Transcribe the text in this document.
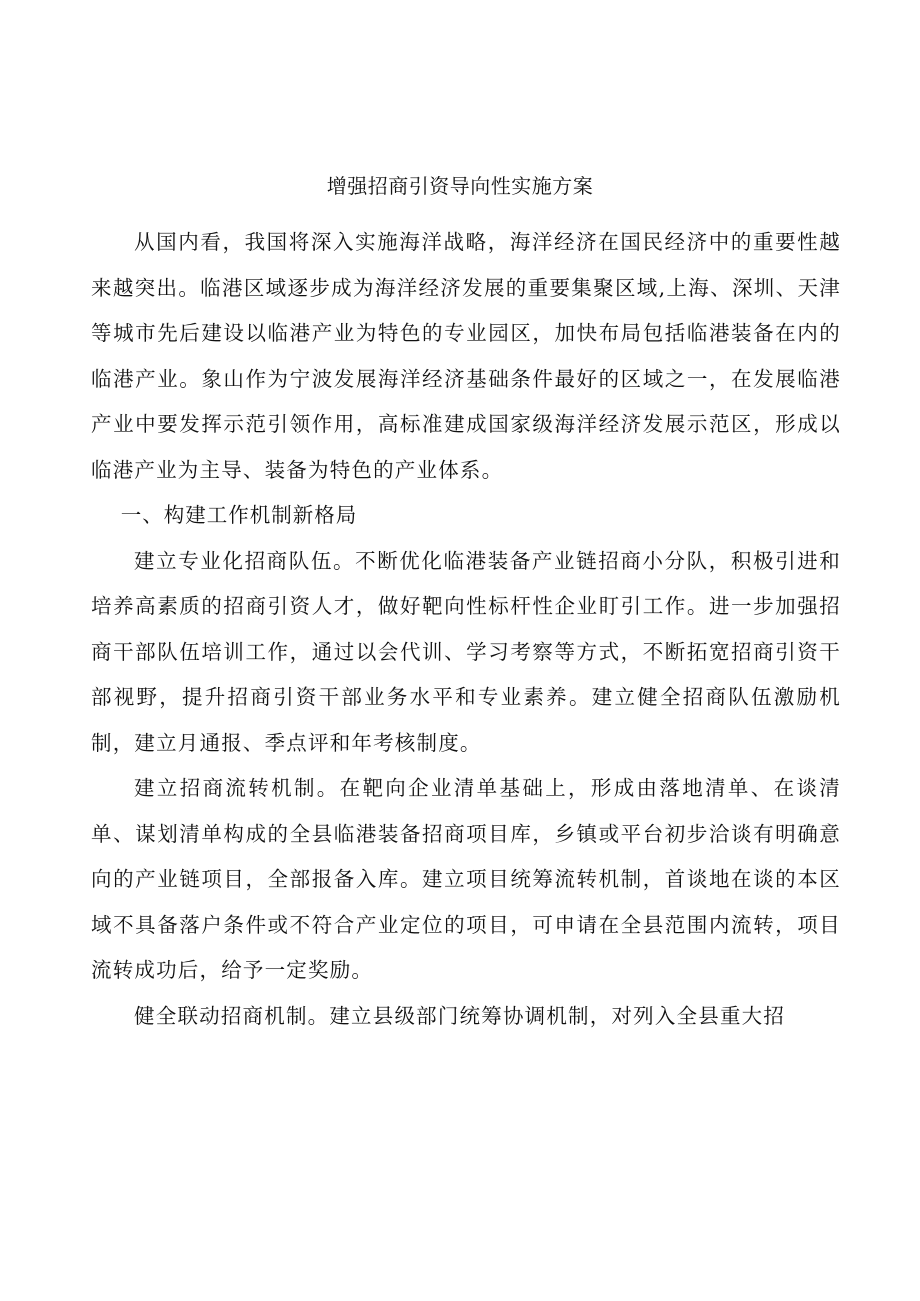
增强招商引资导向性实施方案

从国内看，我国将深入实施海洋战略，海洋经济在国民经济中的重要性越来越突出。临港区域逐步成为海洋经济发展的重要集聚区域,上海、深圳、天津等城市先后建设以临港产业为特色的专业园区，加快布局包括临港装备在内的临港产业。象山作为宁波发展海洋经济基础条件最好的区域之一，在发展临港产业中要发挥示范引领作用，高标准建成国家级海洋经济发展示范区，形成以临港产业为主导、装备为特色的产业体系。

一、构建工作机制新格局

建立专业化招商队伍。不断优化临港装备产业链招商小分队，积极引进和培养高素质的招商引资人才，做好靶向性标杆性企业盯引工作。进一步加强招商干部队伍培训工作，通过以会代训、学习考察等方式，不断拓宽招商引资干部视野，提升招商引资干部业务水平和专业素养。建立健全招商队伍激励机制，建立月通报、季点评和年考核制度。

建立招商流转机制。在靶向企业清单基础上，形成由落地清单、在谈清单、谋划清单构成的全县临港装备招商项目库，乡镇或平台初步洽谈有明确意向的产业链项目，全部报备入库。建立项目统筹流转机制，首谈地在谈的本区域不具备落户条件或不符合产业定位的项目，可申请在全县范围内流转，项目流转成功后，给予一定奖励。

健全联动招商机制。建立县级部门统筹协调机制，对列入全县重大招
